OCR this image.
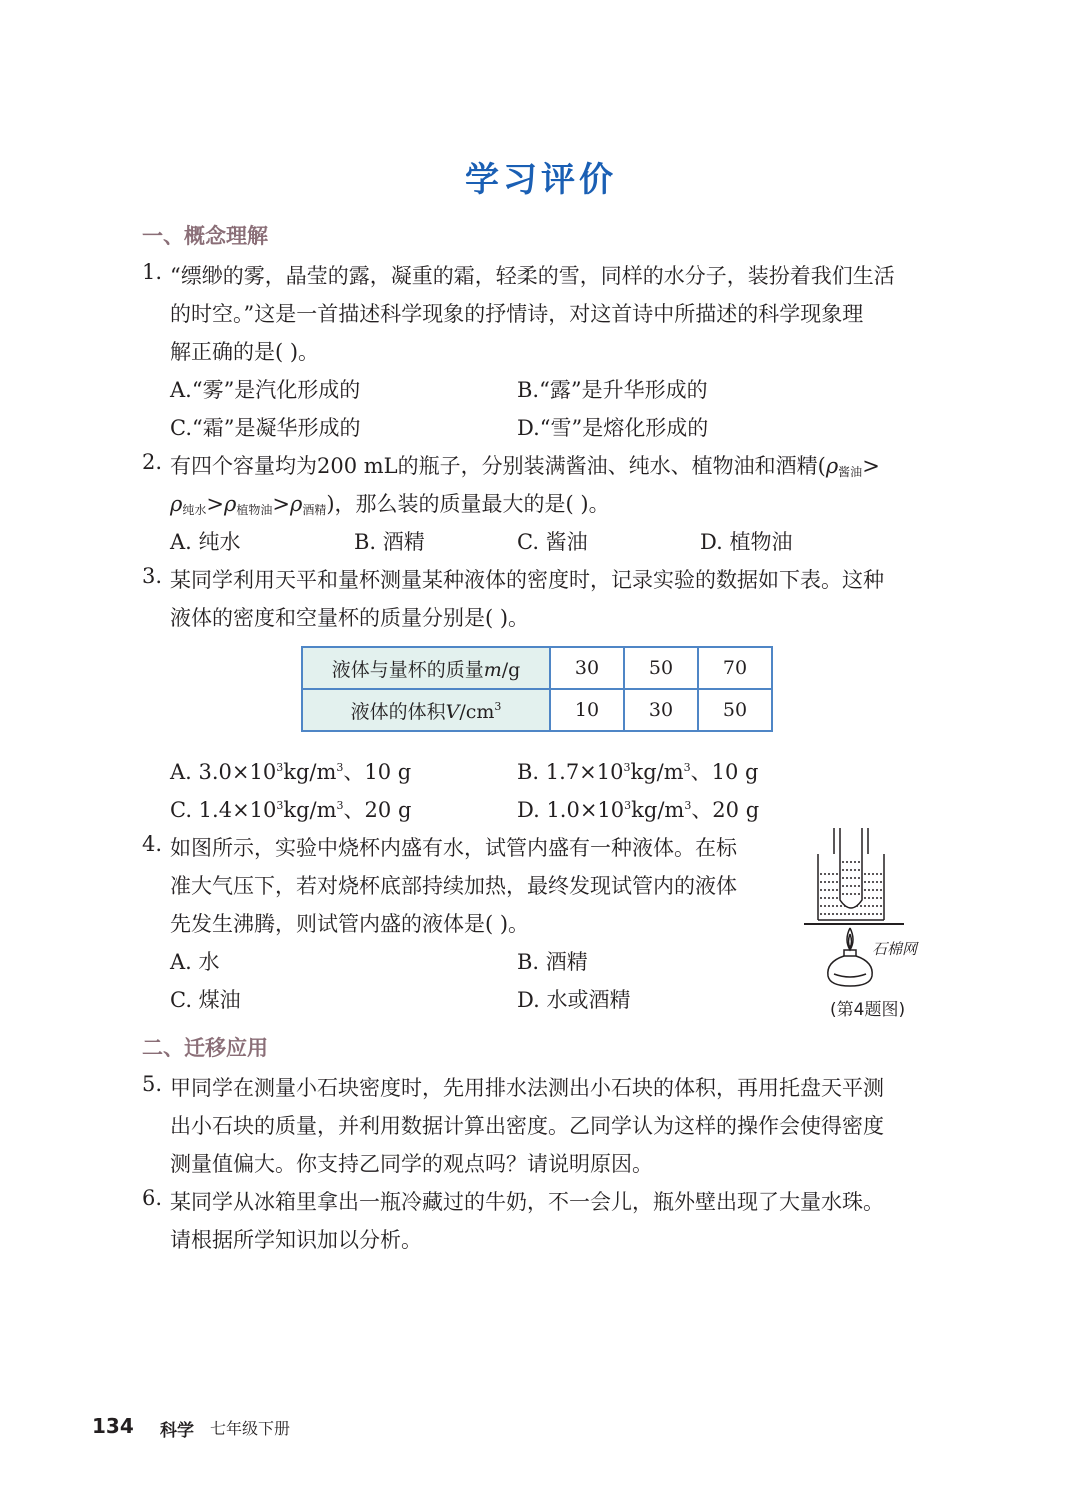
学习评价
一、概念理解
1. “缥缈的雾，晶莹的露，凝重的霜，轻柔的雪，同样的水分子，装扮着我们生活
的时空。”这是一首描述科学现象的抒情诗，对这首诗中所描述的科学现象理
解正确的是( )。
A.“雾”是汽化形成的	B.“露”是升华形成的
C.“霜”是凝华形成的	D.“雪”是熔化形成的
2. 有四个容量均为200 mL的瓶子，分别装满酱油、纯水、植物油和酒精($\rho_{酱油}>$
$\rho_{纯水}>\rho_{植物油}>\rho_{酒精}$)，那么装的质量最大的是( )。
A. 纯水	B. 酒精	C. 酱油	D. 植物油
3. 某同学利用天平和量杯测量某种液体的密度时，记录实验的数据如下表。这种
液体的密度和空量杯的质量分别是( )。
液体与量杯的质量m/g	30	50	70
液体的体积$V/cm^3$	10	30	50
A. $3.0\times 10^3kg/m^3$、10 g	B. $1.7\times 10^3kg/m^3$、10 g
C. $1.4\times 10^3kg/m^3$、20 g	D. $1.0\times 10^3kg/m^3$、20 g
4. 如图所示，实验中烧杯内盛有水，试管内盛有一种液体。在标
准大气压下，若对烧杯底部持续加热，最终发现试管内的液体
先发生沸腾，则试管内盛的液体是( )。
A. 水	B. 酒精
C. 煤油	D. 水或酒精
石棉网
(第4题图)
二、迁移应用
5. 甲同学在测量小石块密度时，先用排水法测出小石块的体积，再用托盘天平测
出小石块的质量，并利用数据计算出密度。乙同学认为这样的操作会使得密度
测量值偏大。你支持乙同学的观点吗？请说明原因。
6. 某同学从冰箱里拿出一瓶冷藏过的牛奶，不一会儿，瓶外壁出现了大量水珠。
请根据所学知识加以分析。
134 科学 七年级下册
